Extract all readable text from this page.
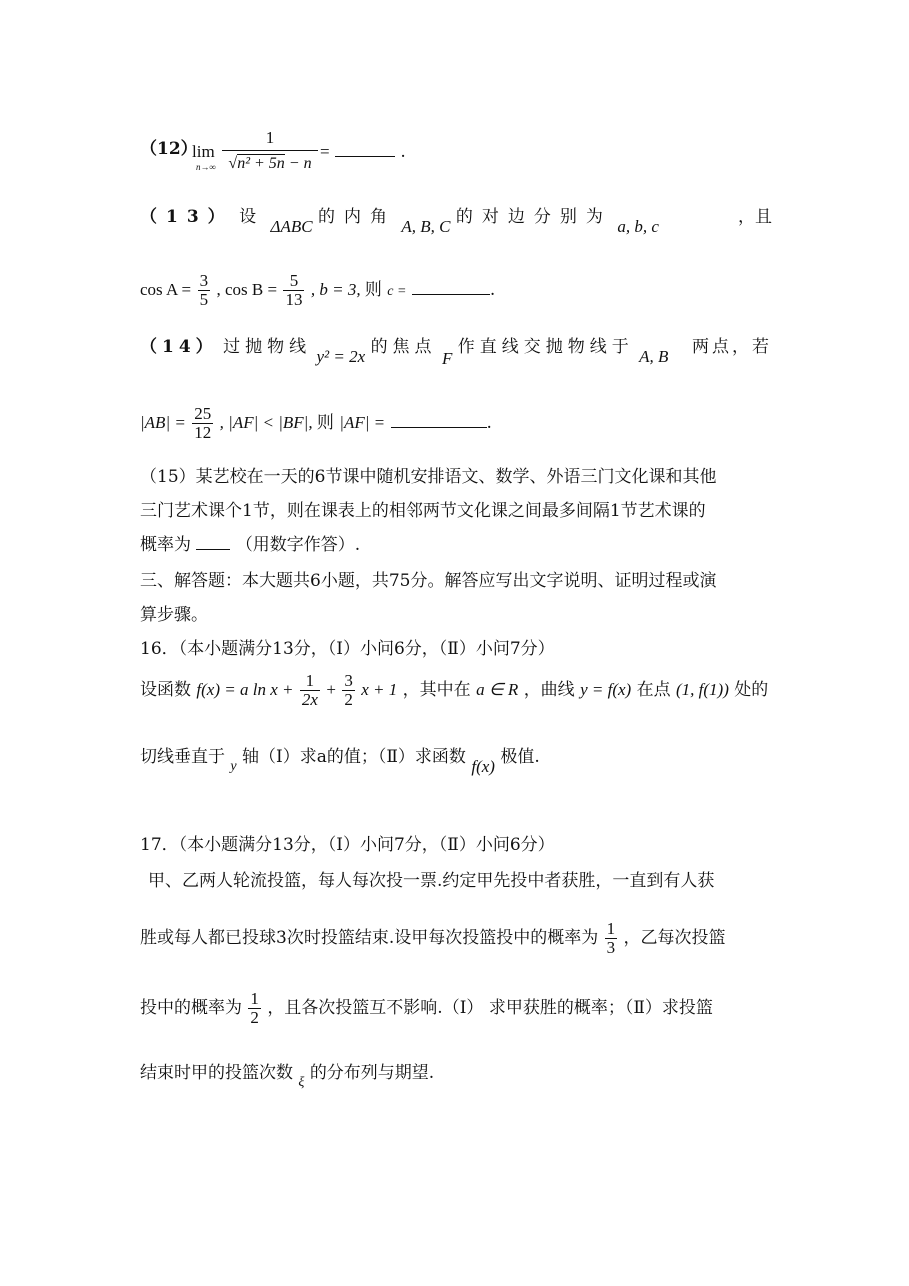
（12）
lim
$n\to\infty \frac{1}{\text{√n² + 5n − n}}$ =	.
（13） 设 ΔABC 的内角 A, B, C 的对边分别为 a, b, c	，且
$\cos A = \frac{3}{5}$ , $\cos B = \frac{5}{13}$ , b = 3, 则 c =	.
（14） 过抛物线 y² = 2x 的焦点 F 作直线交抛物线于 A, B 两点，若
$|AB| = \frac{25}{12}$ , |AF| < |BF|, 则 |AF| =	.
（15）某艺校在一天的6节课中随机安排语文、数学、外语三门文化课和其他
三门艺术课个1节，则在课表上的相邻两节文化课之间最多间隔1节艺术课的
概率为	（用数字作答）.
三、解答题：本大题共6小题，共75分。解答应写出文字说明、证明过程或演
算步骤。
16．（本小题满分13分，（Ⅰ）小问6分，（Ⅱ）小问7分）
设函数 f(x) = a $\ln x + \frac{1}{2x} + \frac{3}{2}$ x + 1 ，其中在 a ∈ R ，曲线 y = f(x) 在点 (1, f(1)) 处的
切线垂直于 $_y$ 轴（Ⅰ）求a的值；（Ⅱ）求函数 f(x) 极值.
17．（本小题满分13分，（Ⅰ）小问7分，（Ⅱ）小问6分）
甲、乙两人轮流投篮，每人每次投一票.约定甲先投中者获胜，一直到有人获
胜或每人都已投球3次时投篮结束.设甲每次投篮投中的概率为 $\frac{1}{3}$ ，乙每次投篮
投中的概率为 $\frac{1}{2}$ ，且各次投篮互不影响.（Ⅰ） 求甲获胜的概率；（Ⅱ）求投篮
结束时甲的投篮次数 $_\xi$ 的分布列与期望.
